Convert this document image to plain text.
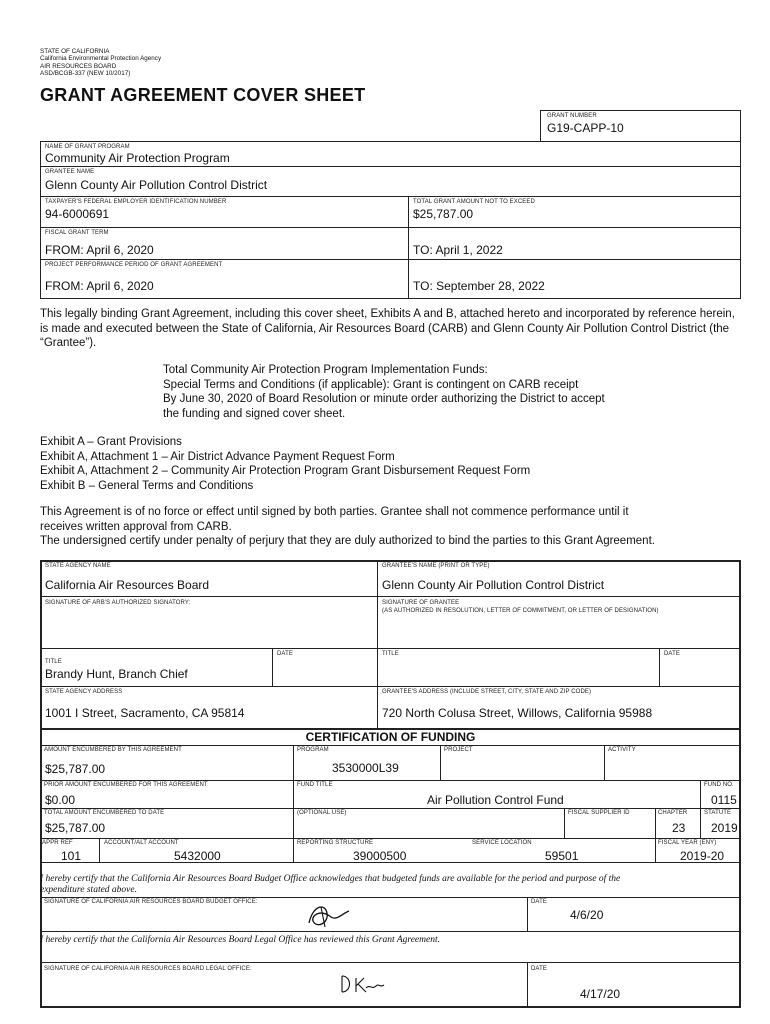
STATE OF CALIFORNIA
California Environmental Protection Agency
AIR RESOURCES BOARD
ASD/BCGB-337 (NEW 10/2017)
GRANT AGREEMENT COVER SHEET
GRANT NUMBER
G19-CAPP-10
NAME OF GRANT PROGRAM
Community Air Protection Program
GRANTEE NAME
Glenn County Air Pollution Control District
TAXPAYER'S FEDERAL EMPLOYER IDENTIFICATION NUMBER
94-6000691
TOTAL GRANT AMOUNT NOT TO EXCEED
$25,787.00
FISCAL GRANT TERM
FROM: April 6, 2020	TO: April 1, 2022
PROJECT PERFORMANCE PERIOD OF GRANT AGREEMENT
FROM: April 6, 2020	TO: September 28, 2022
This legally binding Grant Agreement, including this cover sheet, Exhibits A and B, attached hereto and incorporated by reference herein, is made and executed between the State of California, Air Resources Board (CARB) and Glenn County Air Pollution Control District (the “Grantee”).
Total Community Air Protection Program Implementation Funds:
Special Terms and Conditions (if applicable): Grant is contingent on CARB receipt
By June 30, 2020 of Board Resolution or minute order authorizing the District to accept
the funding and signed cover sheet.
Exhibit A – Grant Provisions
Exhibit A, Attachment 1 – Air District Advance Payment Request Form
Exhibit A, Attachment 2 – Community Air Protection Program Grant Disbursement Request Form
Exhibit B – General Terms and Conditions
This Agreement is of no force or effect until signed by both parties. Grantee shall not commence performance until it
receives written approval from CARB.
The undersigned certify under penalty of perjury that they are duly authorized to bind the parties to this Grant Agreement.
STATE AGENCY NAME
California Air Resources Board
GRANTEE'S NAME (PRINT OR TYPE)
Glenn County Air Pollution Control District
SIGNATURE OF ARB'S AUTHORIZED SIGNATORY:	SIGNATURE OF GRANTEE
(AS AUTHORIZED IN RESOLUTION, LETTER OF COMMITMENT, OR LETTER OF DESIGNATION)
TITLE
Brandy Hunt, Branch Chief
DATE	TITLE	DATE
STATE AGENCY ADDRESS
1001 I Street, Sacramento, CA 95814
GRANTEE'S ADDRESS (INCLUDE STREET, CITY, STATE AND ZIP CODE)
720 North Colusa Street, Willows, California 95988
CERTIFICATION OF FUNDING
AMOUNT ENCUMBERED BY THIS AGREEMENT
$25,787.00
PROGRAM
3530000L39
PROJECT	ACTIVITY
PRIOR AMOUNT ENCUMBERED FOR THIS AGREEMENT
$0.00
FUND TITLE
Air Pollution Control Fund
FUND NO.
0115
TOTAL AMOUNT ENCUMBERED TO DATE
$25,787.00
(OPTIONAL USE)	FISCAL SUPPLIER ID	CHAPTER
23
STATUTE
2019
APPR REF
101
ACCOUNT/ALT ACCOUNT
5432000
REPORTING STRUCTURE
39000500
SERVICE LOCATION
59501
FISCAL YEAR (ENY)
2019-20
I hereby certify that the California Air Resources Board Budget Office acknowledges that budgeted funds are available for the period and purpose of the
expenditure stated above.
SIGNATURE OF CALIFORNIA AIR RESOURCES BOARD BUDGET OFFICE:	DATE
4/6/20
I hereby certify that the California Air Resources Board Legal Office has reviewed this Grant Agreement.
SIGNATURE OF CALIFORNIA AIR RESOURCES BOARD LEGAL OFFICE:	DATE
4/17/20
